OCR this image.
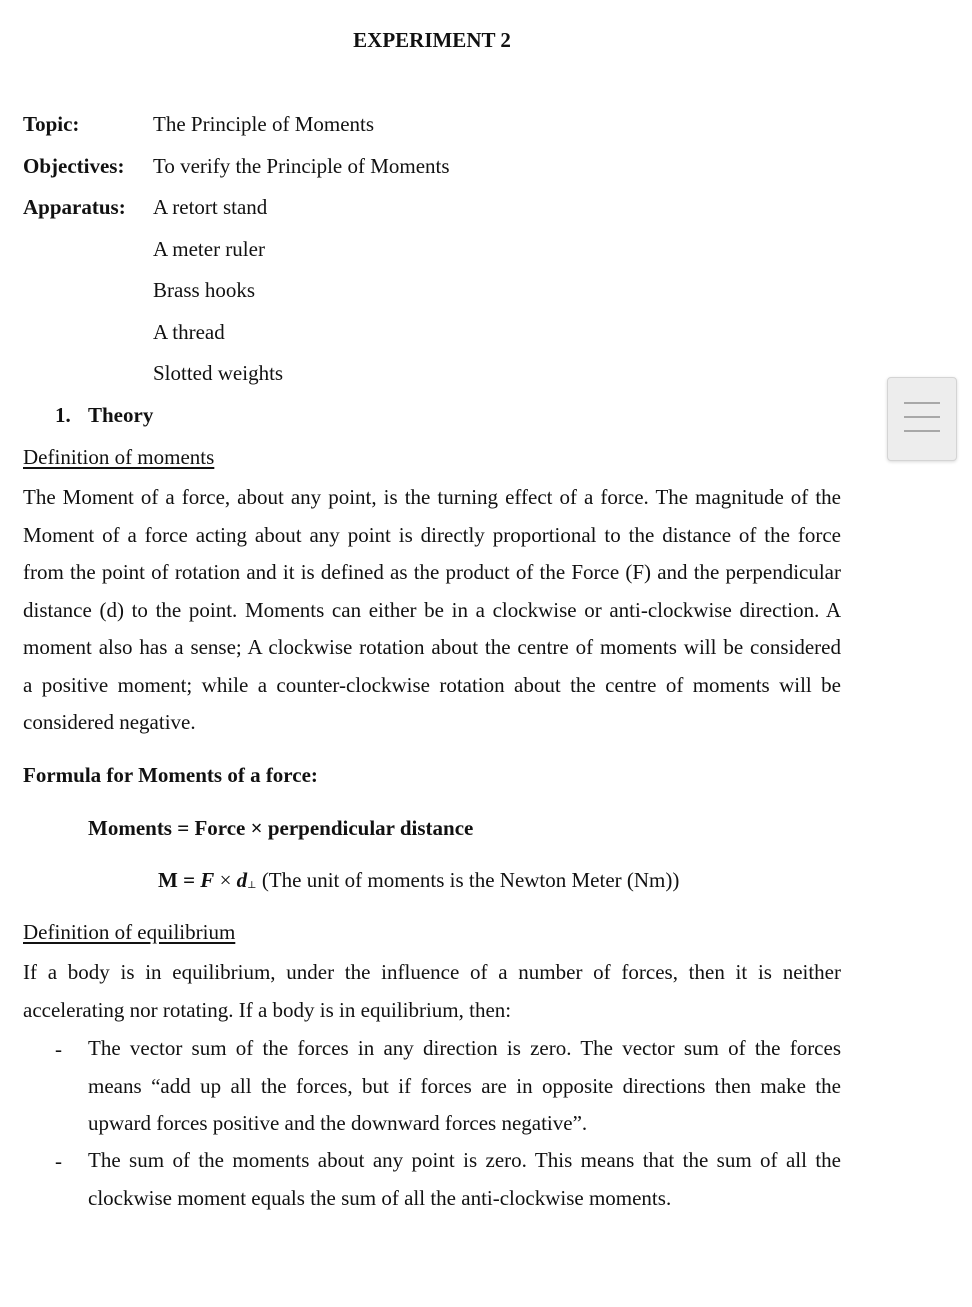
EXPERIMENT 2
Topic:	The Principle of Moments
Objectives: To verify the Principle of Moments
Apparatus: A retort stand
A meter ruler
Brass hooks
A thread
Slotted weights
1. Theory
Definition of moments
The Moment of a force, about any point, is the turning effect of a force. The magnitude of the
Moment of a force acting about any point is directly proportional to the distance of the force
from the point of rotation and it is defined as the product of the Force (F) and the perpendicular
distance (d) to the point. Moments can either be in a clockwise or anti-clockwise direction. A
moment also has a sense; A clockwise rotation about the centre of moments will be considered
a positive moment; while a counter-clockwise rotation about the centre of moments will be
considered negative.
Formula for Moments of a force:
Moments = Force × perpendicular distance
M = F × d⊥ (The unit of moments is the Newton Meter (Nm))
Definition of equilibrium
If a body is in equilibrium, under the influence of a number of forces, then it is neither
accelerating nor rotating. If a body is in equilibrium, then:
- The vector sum of the forces in any direction is zero. The vector sum of the forces
means “add up all the forces, but if forces are in opposite directions then make the
upward forces positive and the downward forces negative”.
- The sum of the moments about any point is zero. This means that the sum of all the
clockwise moment equals the sum of all the anti-clockwise moments.
